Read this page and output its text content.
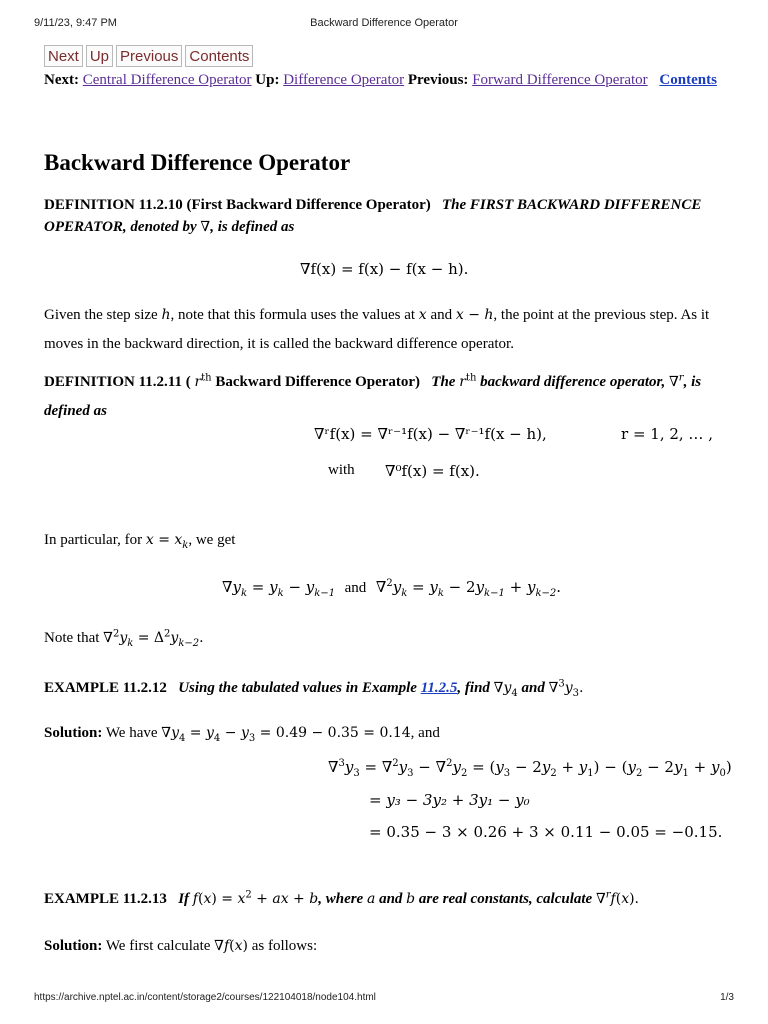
9/11/23, 9:47 PM	Backward Difference Operator
Next Up Previous Contents
Next: Central Difference Operator Up: Difference Operator Previous: Forward Difference Operator Contents
Backward Difference Operator
DEFINITION 11.2.10 (First Backward Difference Operator) The FIRST BACKWARD DIFFERENCE OPERATOR, denoted by ∇, is defined as
∇f(x) = f(x) − f(x − h).
Given the step size h, note that this formula uses the values at x and x − h, the point at the previous step. As it
moves in the backward direction, it is called the backward difference operator.
DEFINITION 11.2.11 ( $r^{th}$ Backward Difference Operator) The $r^{th}$ backward difference operator, ∇$^r$, is
defined as
∇ʳf(x) = ∇ʳ⁻¹f(x) − ∇ʳ⁻¹f(x − h),	r = 1, 2, … ,
with ∇⁰f(x) = f(x).
In particular, for $x = x_k$, we get
$\nabla y_k = y_k - y_{k-1}$ and  $\nabla^2y_k = y_k - 2y_{k-1} + y_{k-2}$.
Note that $\nabla^2y_k = \Delta^2y_{k-2}$.
EXAMPLE 11.2.12 Using the tabulated values in Example 11.2.5, find $\nabla y_4$ and $\nabla^3y_3$.
Solution: We have $\nabla y_4 = y_4 - y_3 = 0.49 - 0.35 = 0.14$, and
$\nabla^3y_3 = \nabla^2y_3 - \nabla^2y_2 = (y_3 - 2y_2 + y_1) - (y_2 - 2y_1 + y_0)$
= y₃ − 3y₂ + 3y₁ − y₀
= 0.35 − 3 × 0.26 + 3 × 0.11 − 0.05 = −0.15.
EXAMPLE 11.2.13 If $f(x) = x^2$ + ax + b, where a and b are real constants, calculate ∇$^r$f(x).
Solution: We first calculate ∇f(x) as follows:
https://archive.nptel.ac.in/content/storage2/courses/122104018/node104.html	1/3
